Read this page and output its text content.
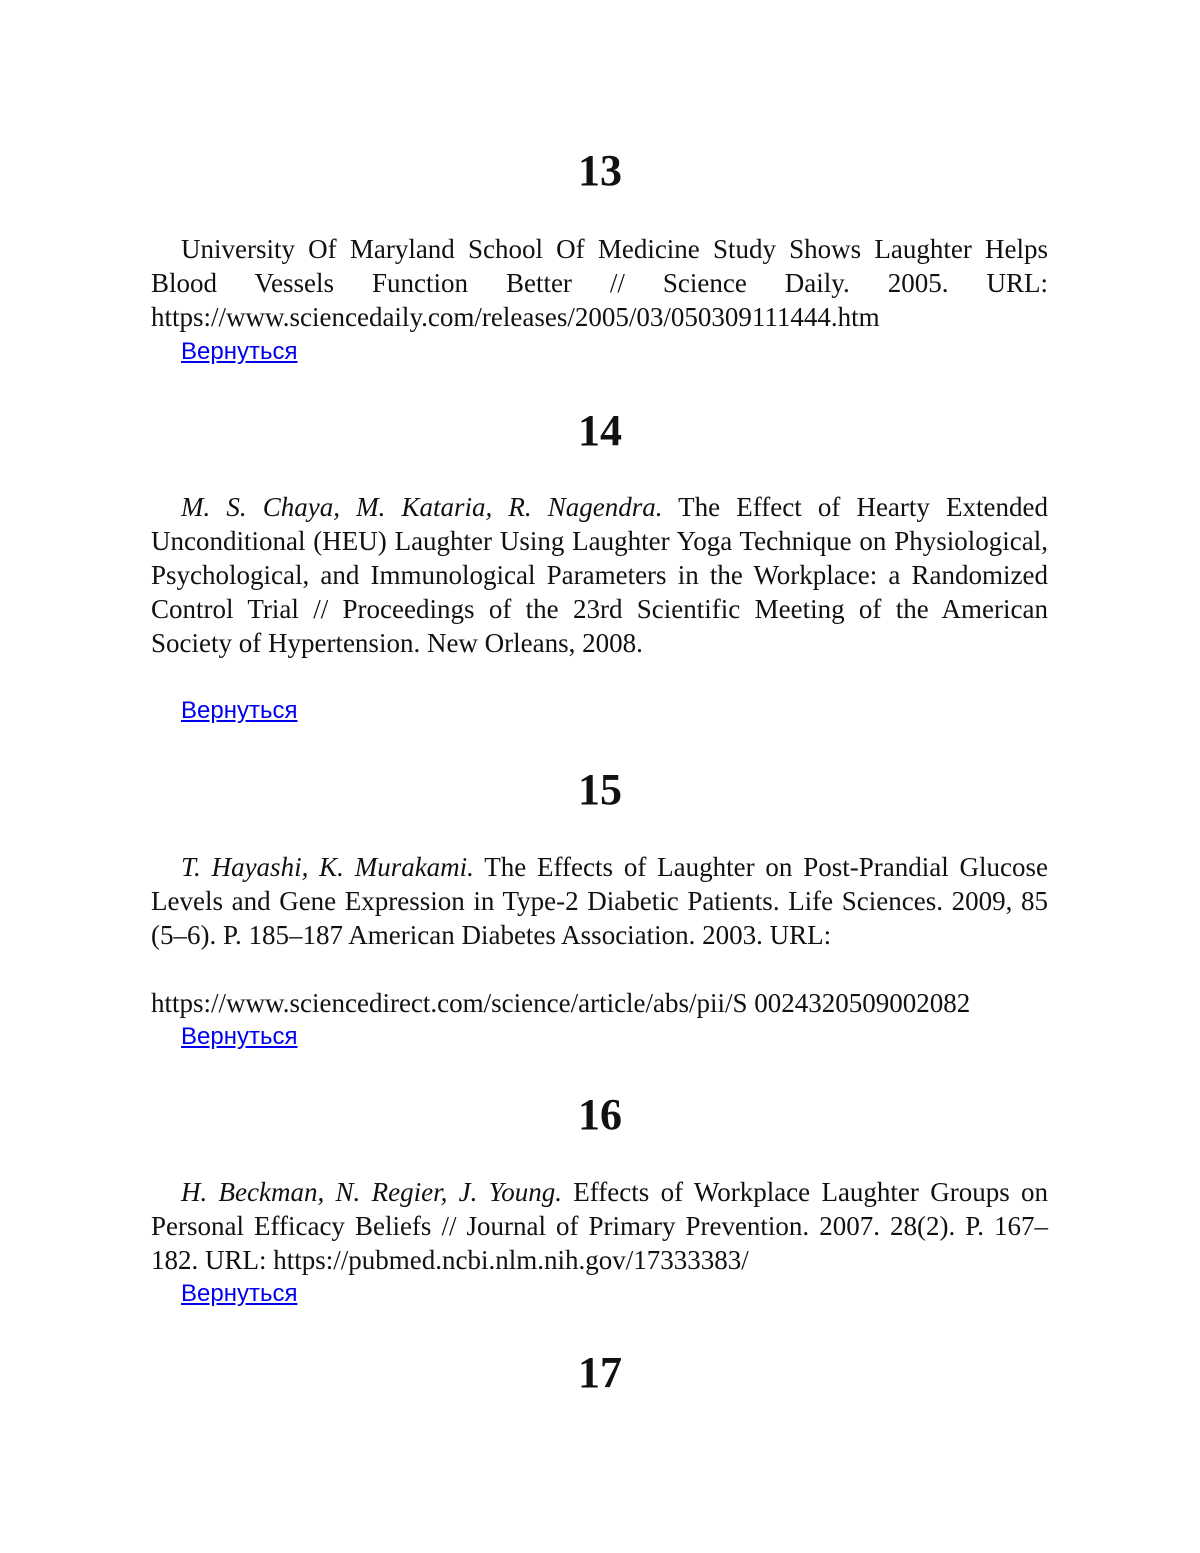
13

University Of Maryland School Of Medicine Study Shows Laughter Helps Blood Vessels Function Better // Science Daily. 2005. URL: https://www.sciencedaily.com/releases/2005/03/050309111444.htm

Вернуться
14

M. S. Chaya, M. Kataria, R. Nagendra. The Effect of Hearty Extended Unconditional (HEU) Laughter Using Laughter Yoga Technique on Physiological, Psychological, and Immunological Parameters in the Workplace: a Randomized Control Trial // Proceedings of the 23rd Scientific Meeting of the American Society of Hypertension. New Orleans, 2008.

Вернуться
15

T. Hayashi, K. Murakami. The Effects of Laughter on Post-Prandial Glucose Levels and Gene Expression in Type-2 Diabetic Patients. Life Sciences. 2009, 85 (5–6). P. 185–187 American Diabetes Association. 2003. URL:

https://www.sciencedirect.com/science/article/abs/pii/S 0024320509002082

Вернуться
16

H. Beckman, N. Regier, J. Young. Effects of Workplace Laughter Groups on Personal Efficacy Beliefs // Journal of Primary Prevention. 2007. 28(2). P. 167–182. URL: https://pubmed.ncbi.nlm.nih.gov/17333383/

Вернуться
17
